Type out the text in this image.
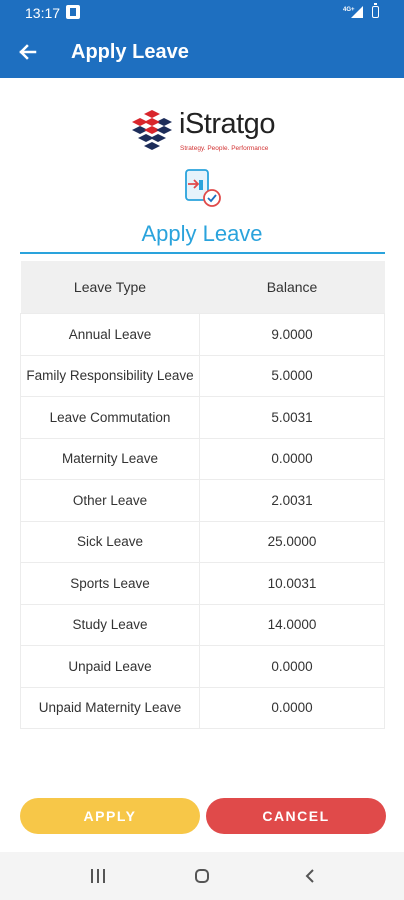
13:17	4G+
Apply Leave
iStratgo
Strategy. People. Performance
Apply Leave
Leave Type	Balance
Annual Leave	9.0000
Family Responsibility Leave	5.0000
Leave Commutation	5.0031
Maternity Leave	0.0000
Other Leave	2.0031
Sick Leave	25.0000
Sports Leave	10.0031
Study Leave	14.0000
Unpaid Leave	0.0000
Unpaid Maternity Leave	0.0000
APPLY	CANCEL
